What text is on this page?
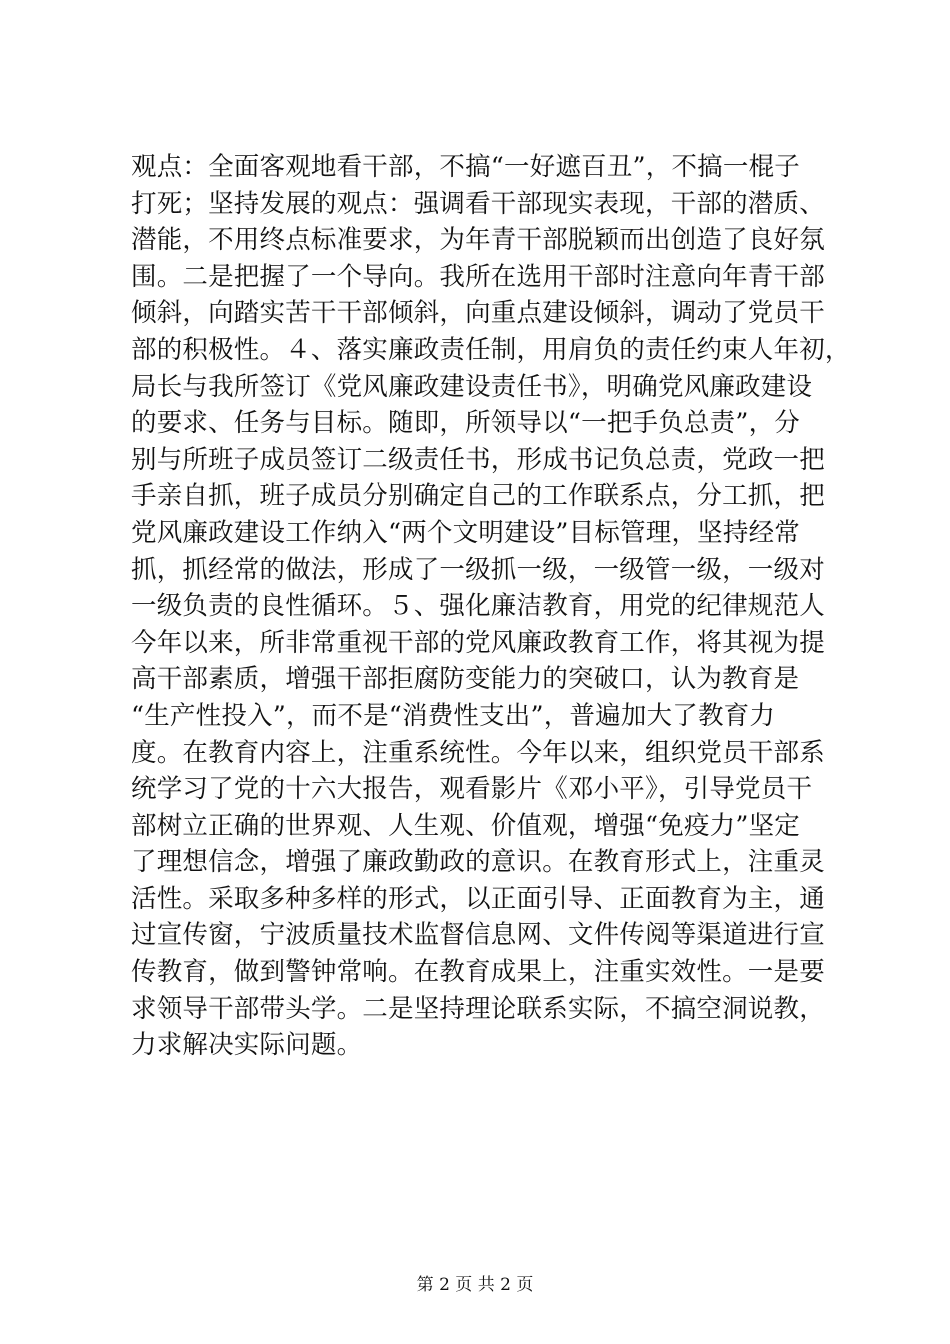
观点：全面客观地看干部，不搞“一好遮百丑”，不搞一棍子
打死；坚持发展的观点：强调看干部现实表现，干部的潜质、
潜能，不用终点标准要求，为年青干部脱颖而出创造了良好氛
围。二是把握了一个导向。我所在选用干部时注意向年青干部
倾斜，向踏实苦干干部倾斜，向重点建设倾斜，调动了党员干
部的积极性。４、落实廉政责任制，用肩负的责任约束人年初，
局长与我所签订《党风廉政建设责任书》，明确党风廉政建设
的要求、任务与目标。随即，所领导以“一把手负总责”，分
别与所班子成员签订二级责任书，形成书记负总责，党政一把
手亲自抓，班子成员分别确定自己的工作联系点，分工抓，把
党风廉政建设工作纳入“两个文明建设”目标管理，坚持经常
抓，抓经常的做法，形成了一级抓一级，一级管一级，一级对
一级负责的良性循环。５、强化廉洁教育，用党的纪律规范人
今年以来，所非常重视干部的党风廉政教育工作，将其视为提
高干部素质，增强干部拒腐防变能力的突破口，认为教育是
“生产性投入”，而不是“消费性支出”，普遍加大了教育力
度。在教育内容上，注重系统性。今年以来，组织党员干部系
统学习了党的十六大报告，观看影片《邓小平》，引导党员干
部树立正确的世界观、人生观、价值观，增强“免疫力”坚定
了理想信念，增强了廉政勤政的意识。在教育形式上，注重灵
活性。采取多种多样的形式，以正面引导、正面教育为主，通
过宣传窗，宁波质量技术监督信息网、文件传阅等渠道进行宣
传教育，做到警钟常响。在教育成果上，注重实效性。一是要
求领导干部带头学。二是坚持理论联系实际，不搞空洞说教，
力求解决实际问题。
第 2 页 共 2 页
